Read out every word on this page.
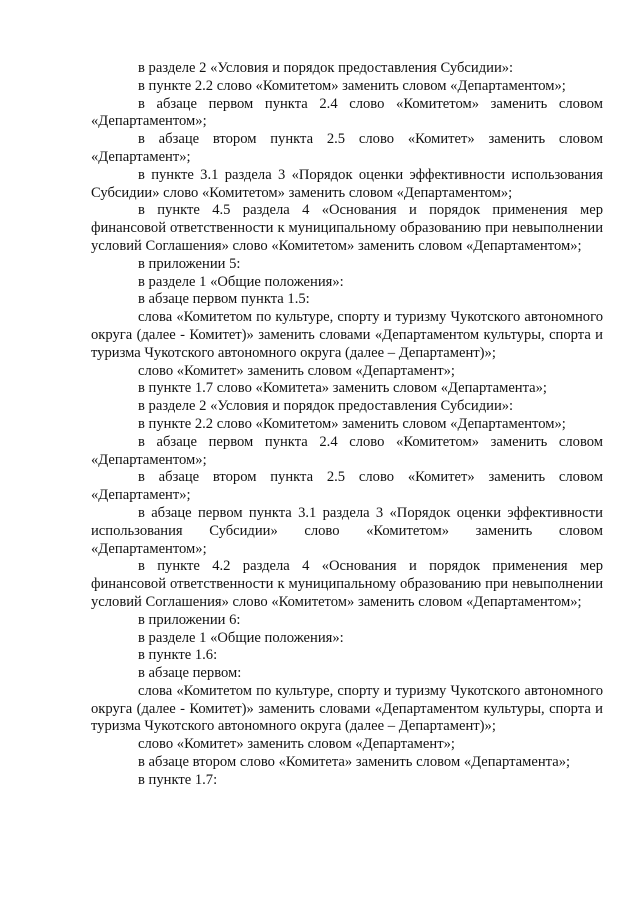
в разделе 2 «Условия и порядок предоставления Субсидии»:

в пункте 2.2 слово «Комитетом» заменить словом «Департаментом»;

в абзаце первом пункта 2.4 слово «Комитетом» заменить словом «Департаментом»;

в абзаце втором пункта 2.5 слово «Комитет» заменить словом «Департамент»;

в пункте 3.1 раздела 3 «Порядок оценки эффективности использования Субсидии» слово «Комитетом» заменить словом «Департаментом»;

в пункте 4.5 раздела 4 «Основания и порядок применения мер финансовой ответственности к муниципальному образованию при невыполнении условий Соглашения» слово «Комитетом» заменить словом «Департаментом»;

в приложении 5:

в разделе 1 «Общие положения»:

в абзаце первом пункта 1.5:

слова «Комитетом по культуре, спорту и туризму Чукотского автономного округа (далее - Комитет)» заменить словами «Департаментом культуры, спорта и туризма Чукотского автономного округа (далее – Департамент)»;

слово «Комитет» заменить словом «Департамент»;

в пункте 1.7 слово «Комитета» заменить словом «Департамента»;

в разделе 2 «Условия и порядок предоставления Субсидии»:

в пункте 2.2 слово «Комитетом» заменить словом «Департаментом»;

в абзаце первом пункта 2.4 слово «Комитетом» заменить словом «Департаментом»;

в абзаце втором пункта 2.5 слово «Комитет» заменить словом «Департамент»;

в абзаце первом пункта 3.1 раздела 3 «Порядок оценки эффективности использования Субсидии» слово «Комитетом» заменить словом «Департаментом»;

в пункте 4.2 раздела 4 «Основания и порядок применения мер финансовой ответственности к муниципальному образованию при невыполнении условий Соглашения» слово «Комитетом» заменить словом «Департаментом»;

в приложении 6:

в разделе 1 «Общие положения»:

в пункте 1.6:

в абзаце первом:

слова «Комитетом по культуре, спорту и туризму Чукотского автономного округа (далее - Комитет)» заменить словами «Департаментом культуры, спорта и туризма Чукотского автономного округа (далее – Департамент)»;

слово «Комитет» заменить словом «Департамент»;

в абзаце втором слово «Комитета» заменить словом «Департамента»;

в пункте 1.7:
